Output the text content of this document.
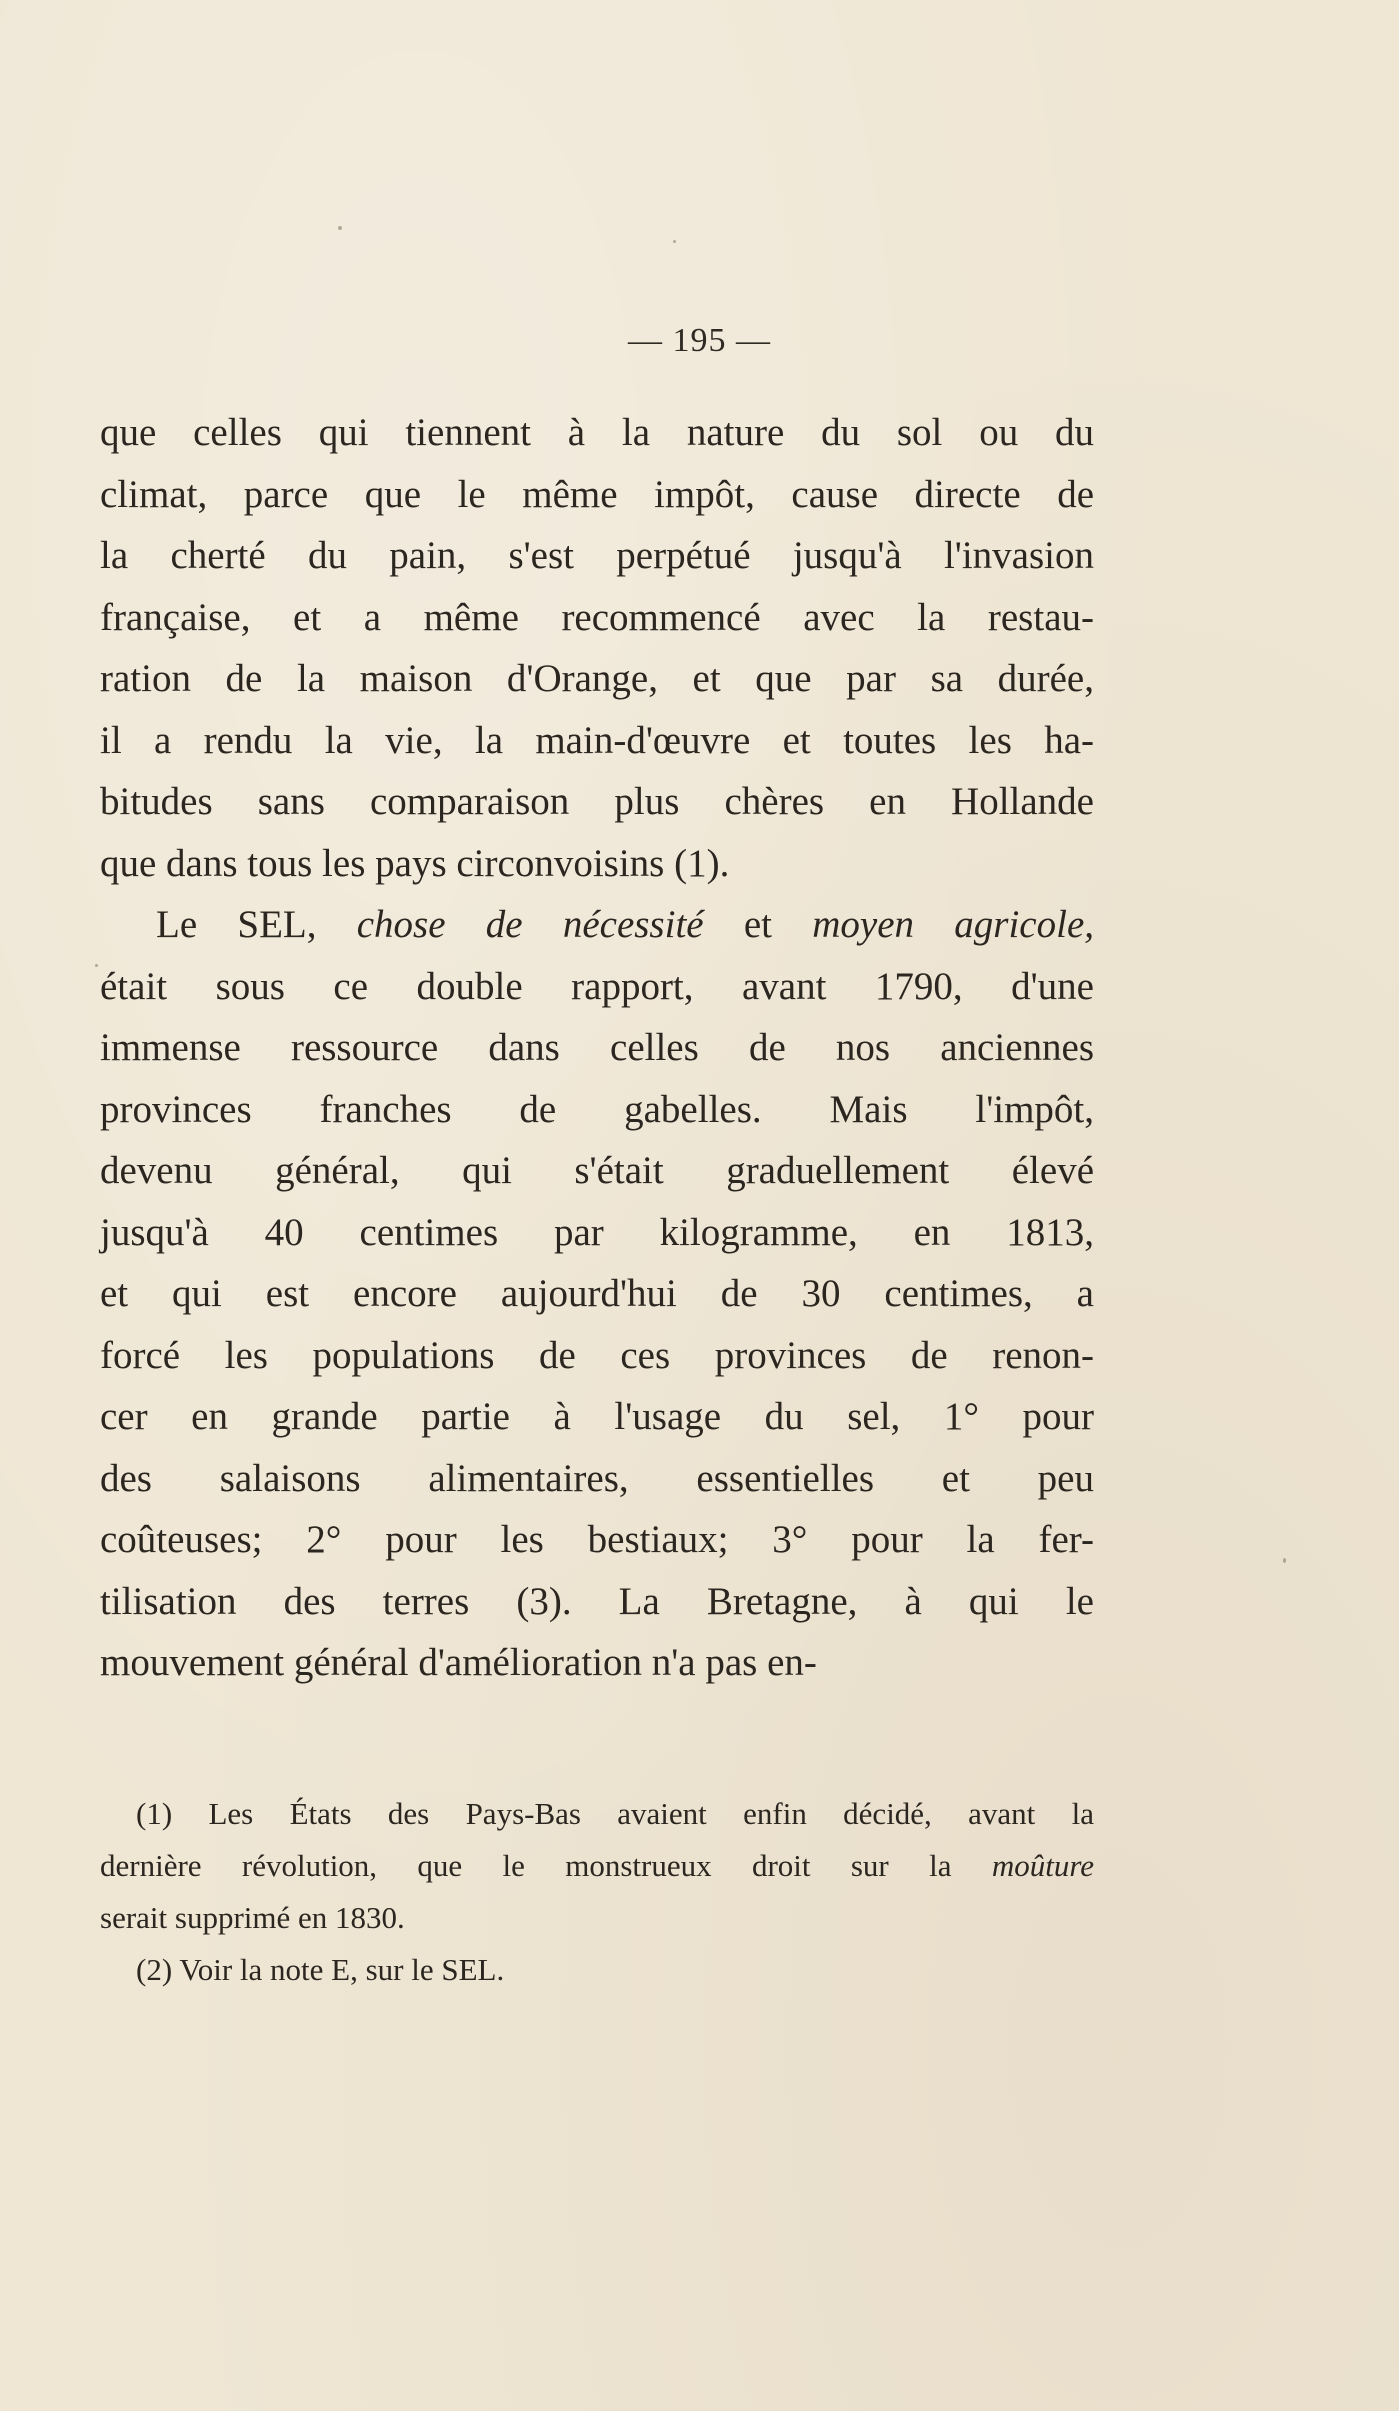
— 195 —
que celles qui tiennent à la nature du sol ou du
climat, parce que le même impôt, cause directe de
la cherté du pain, s'est perpétué jusqu'à l'invasion
française, et a même recommencé avec la restau-
ration de la maison d'Orange, et que par sa durée,
il a rendu la vie, la main-d'œuvre et toutes les ha-
bitudes sans comparaison plus chères en Hollande
que dans tous les pays circonvoisins (1).
Le SEL, chose de nécessité et moyen agricole,
était sous ce double rapport, avant 1790, d'une
immense ressource dans celles de nos anciennes
provinces franches de gabelles. Mais l'impôt,
devenu général, qui s'était graduellement élevé
jusqu'à 40 centimes par kilogramme, en 1813,
et qui est encore aujourd'hui de 30 centimes, a
forcé les populations de ces provinces de renon-
cer en grande partie à l'usage du sel, 1° pour
des salaisons alimentaires, essentielles et peu
coûteuses; 2° pour les bestiaux; 3° pour la fer-
tilisation des terres (3). La Bretagne, à qui le
mouvement général d'amélioration n'a pas en-
(1) Les États des Pays-Bas avaient enfin décidé, avant la
dernière révolution, que le monstrueux droit sur la moûture
serait supprimé en 1830.
(2) Voir la note E, sur le SEL.
